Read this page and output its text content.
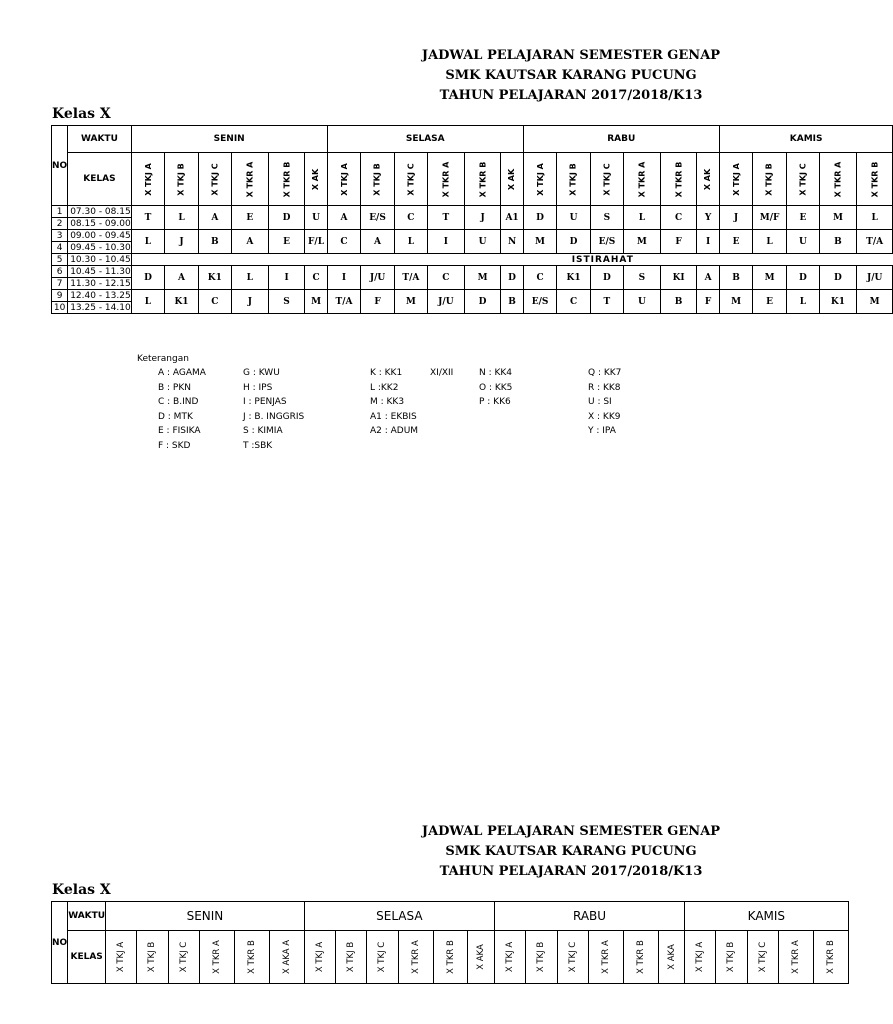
JADWAL PELAJARAN SEMESTER GENAP
SMK KAUTSAR KARANG PUCUNG
TAHUN PELAJARAN 2017/2018/K13
Kelas X
NO	WAKTU	SENIN						SELASA						RABU						KAMIS				
	KELAS	X TKJ A	X TKJ B	X TKJ C	X TKR A	X TKR B	X AK	X TKJ A	X TKJ B	X TKJ C	X TKR A	X TKR B	X AK	X TKJ A	X TKJ B	X TKJ C	X TKR A	X TKR B	X AK	X TKJ A	X TKJ B	X TKJ C	X TKR A	X TKR B
1	07.30 - 08.15	T	L	A	E	D	U	A	E/S	C	T	J	A1	D	U	S	L	C	Y	J	M/F	E	M	L
2	08.15 - 09.00																							
3	09.00 - 09.45	L	J	B	A	E	F/L	C	A	L	I	U	N	M	D	E/S	M	F	I	E	L	U	B	T/A
4	09.45 - 10.30																							
5	10.30 - 10.45	ISTIRAHAT																						
6	10.45 - 11.30	D	A	K1	L	I	C	I	J/U	T/A	C	M	D	C	K1	D	S	KI	A	B	M	D	D	J/U
7	11.30 - 12.15																							
9	12.40 - 13.25	L	K1	C	J	S	M	T/A	F	M	J/U	D	B	E/S	C	T	U	B	F	M	E	L	K1	M
10	13.25 - 14.10																							
Keterangan
A : AGAMA
B : PKN
C : B.IND
D : MTK
E : FISIKA
F : SKD
G : KWU
H : IPS
I : PENJAS
J : B. INGGRIS
S : KIMIA
T :SBK
K : KK1
L :KK2
M : KK3
A1 : EKBIS
A2 : ADUM
XI/XII	N : KK4
O : KK5
P : KK6
Q : KK7
R : KK8
U : SI
X : KK9
Y : IPA
JADWAL PELAJARAN SEMESTER GENAP
SMK KAUTSAR KARANG PUCUNG
TAHUN PELAJARAN 2017/2018/K13
Kelas X
NO	WAKTU	SENIN						SELASA						RABU						KAMIS				
	KELAS	X TKJ A	X TKJ B	X TKJ C	X TKR A	X TKR B	X AKA A	X TKJ A	X TKJ B	X TKJ C	X TKR A	X TKR B	X AKA	X TKJ A	X TKJ B	X TKJ C	X TKR A	X TKR B	X AKA	X TKJ A	X TKJ B	X TKJ C	X TKR A	X TKR B
